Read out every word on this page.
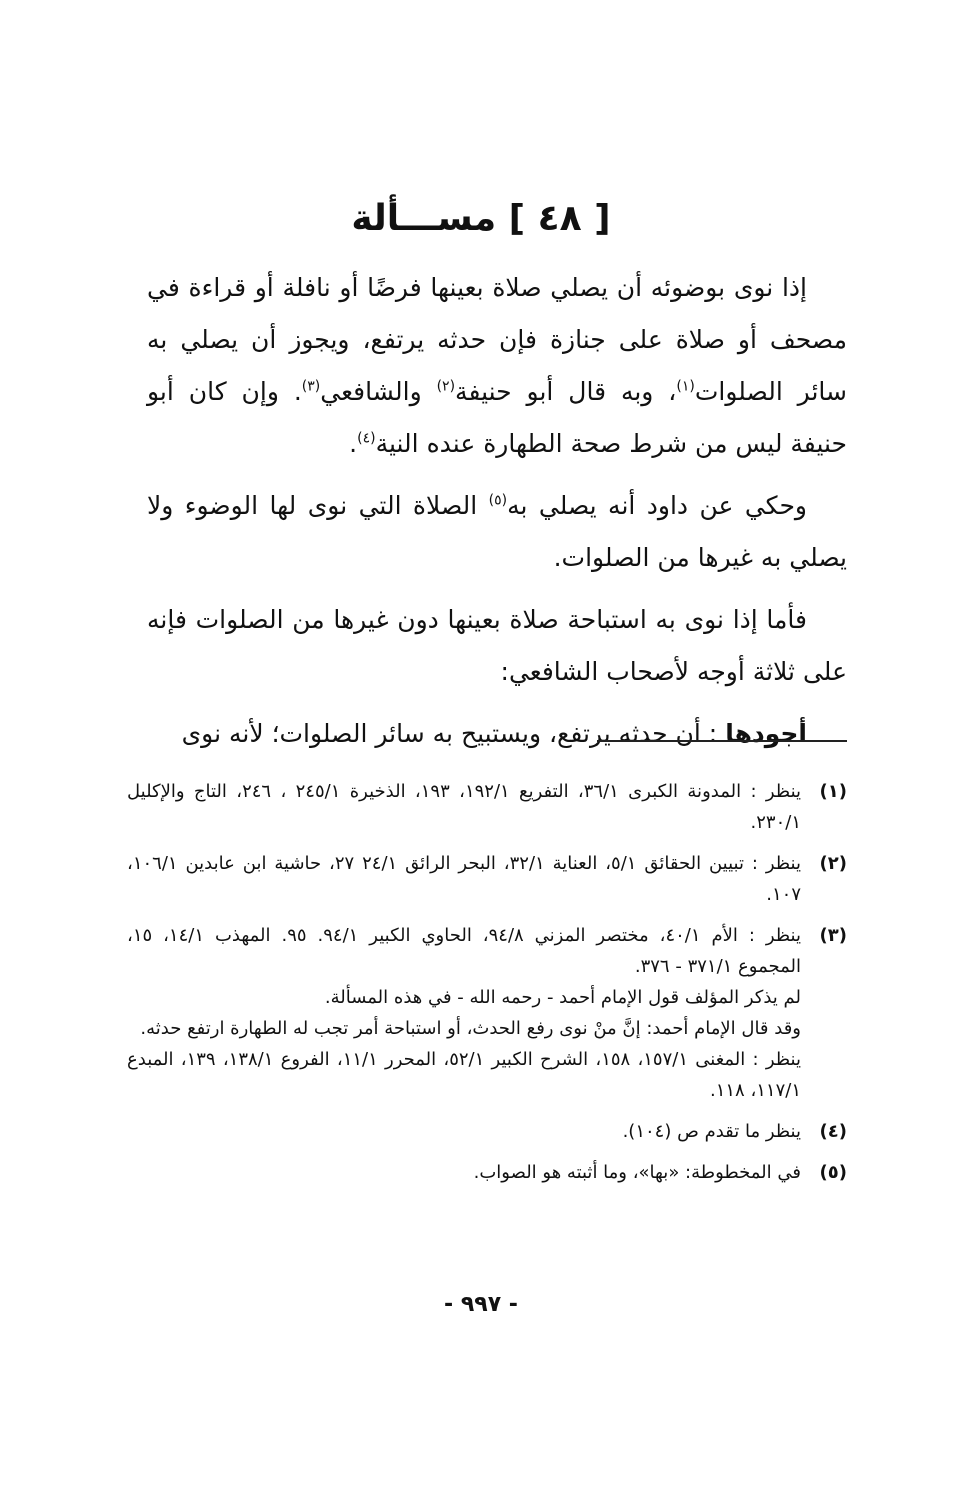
[ ٤٨ ] مســـألة

إذا نوى بوضوئه أن يصلي صلاة بعينها فرضًا أو نافلة أو قراءة في مصحف أو صلاة على جنازة فإن حدثه يرتفع، ويجوز أن يصلي به سائر الصلوات$^{(١)}$، وبه قال أبو حنيفة$^{(٢)}$ والشافعي$^{(٣)}$. وإن كان أبو حنيفة ليس من شرط صحة الطهارة عنده النية$^{(٤)}$.

وحكي عن داود أنه يصلي به$^{(٥)}$ الصلاة التي نوى لها الوضوء ولا يصلي به غيرها من الصلوات.

فأما إذا نوى به استباحة صلاة بعينها دون غيرها من الصلوات فإنه على ثلاثة أوجه لأصحاب الشافعي:

أجودها : أن حدثه يرتفع، ويستبيح به سائر الصلوات؛ لأنه نوى

(١)
ينظر : المدونة الكبرى ٣٦/١، التفريع ١٩٢/١، ١٩٣، الذخيرة ٢٤٥/١ ، ٢٤٦، التاج والإكليل ٢٣٠/١.
(٢)
ينظر : تبيين الحقائق ٥/١، العناية ٣٢/١، البحر الرائق ٢٤/١ ٢٧، حاشية ابن عابدين ١٠٦/١، ١٠٧.
(٣)
ينظر : الأم ٤٠/١، مختصر المزني ٩٤/٨، الحاوي الكبير ٩٤/١. ٩٥. المهذب ١٤/١، ١٥، المجموع ٣٧١/١ - ٣٧٦.
لم يذكر المؤلف قول الإمام أحمد - رحمه الله - في هذه المسألة.
وقد قال الإمام أحمد: إنَّ منْ نوى رفع الحدث، أو استباحة أمر تجب له الطهارة ارتفع حدثه.
ينظر : المغنى ١٥٧/١، ١٥٨، الشرح الكبير ٥٢/١، المحرر ١١/١، الفروع ١٣٨/١، ١٣٩، المبدع ١١٧/١، ١١٨.
(٤)
ينظر ما تقدم ص (١٠٤).
(٥)
في المخطوطة: «بها»، وما أثبته هو الصواب.
- ٩٩٧ -
